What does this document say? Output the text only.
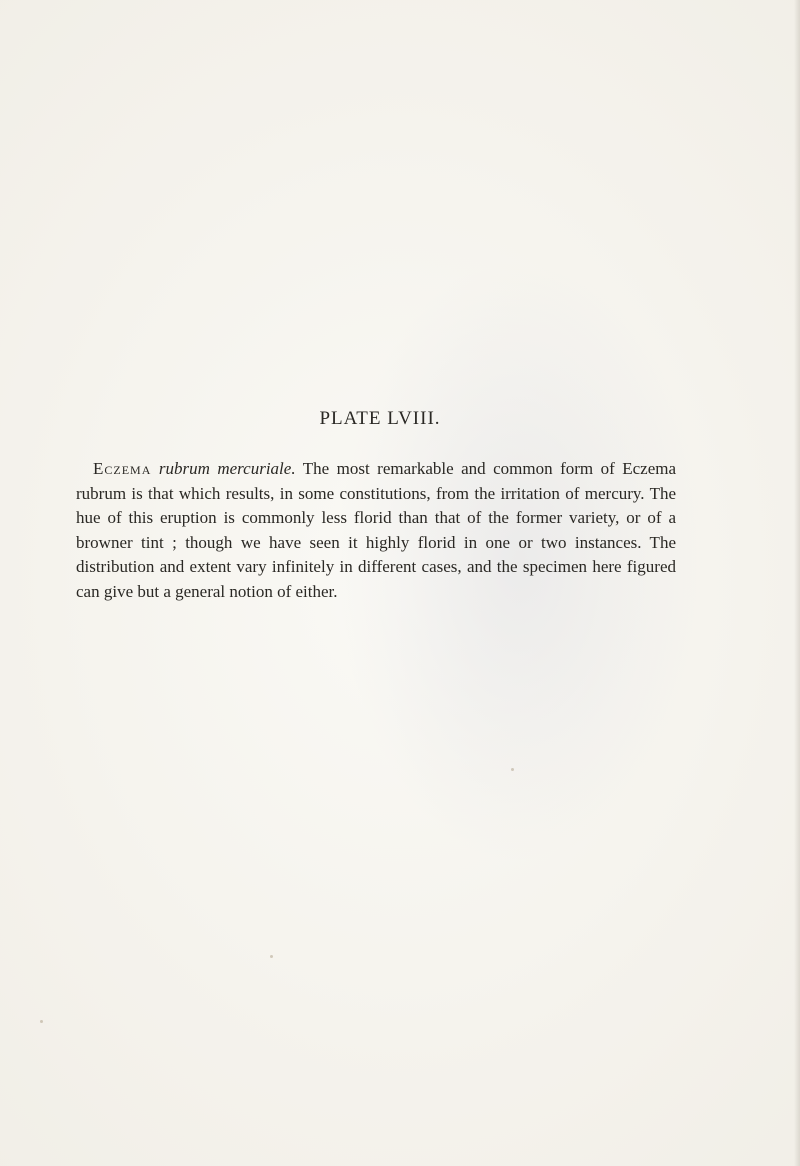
PLATE LVIII.

Eczema rubrum mercuriale. The most remarkable and common form of Eczema rubrum is that which results, in some constitutions, from the irritation of mercury. The hue of this eruption is commonly less florid than that of the former variety, or of a browner tint ; though we have seen it highly florid in one or two instances. The distribution and extent vary infinitely in different cases, and the specimen here figured can give but a general notion of either.
